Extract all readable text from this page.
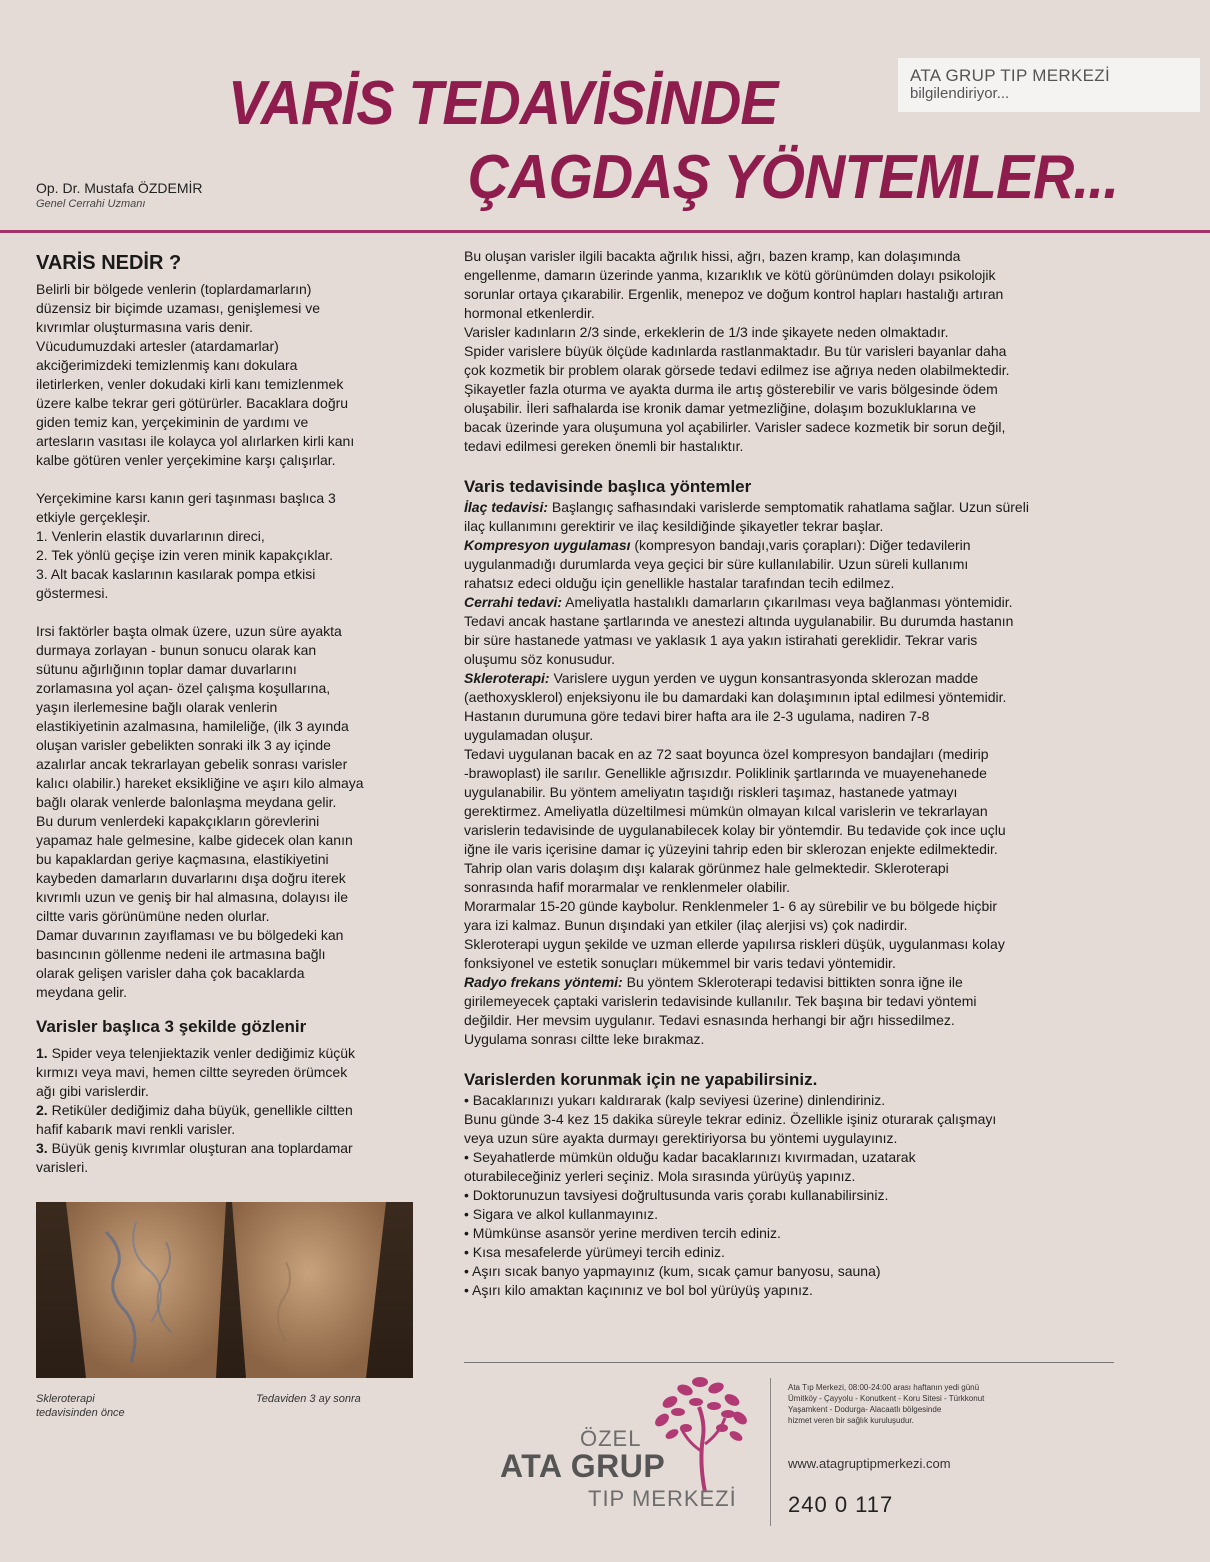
ATA GRUP TIP MERKEZİ
bilgilendiriyor...
VARİS TEDAVİSİNDE
ÇAGDAŞ YÖNTEMLER...
Op. Dr. Mustafa ÖZDEMİR
Genel Cerrahi Uzmanı
VARİS NEDİR ?
Belirli bir bölgede venlerin (toplardamarların)
düzensiz bir biçimde uzaması, genişlemesi ve
kıvrımlar oluşturmasına varis denir.
Vücudumuzdaki artesler (atardamarlar)
akciğerimizdeki temizlenmiş kanı dokulara
iletirlerken, venler dokudaki kirli kanı temizlenmek
üzere kalbe tekrar geri götürürler. Bacaklara doğru
giden temiz kan, yerçekiminin de yardımı ve
artesların vasıtası ile kolayca yol alırlarken kirli kanı
kalbe götüren venler yerçekimine karşı çalışırlar.
Yerçekimine karsı kanın geri taşınması başlıca 3
etkiyle gerçekleşir.
1. Venlerin elastik duvarlarının direci,
2. Tek yönlü geçişe izin veren minik kapakçıklar.
3. Alt bacak kaslarının kasılarak pompa etkisi
göstermesi.
Irsi faktörler başta olmak üzere, uzun süre ayakta
durmaya zorlayan - bunun sonucu olarak kan
sütunu ağırlığının toplar damar duvarlarını
zorlamasına yol açan- özel çalışma koşullarına,
yaşın ilerlemesine bağlı olarak venlerin
elastikiyetinin azalmasına, hamileliğe, (ilk 3 ayında
oluşan varisler gebelikten sonraki ilk 3 ay içinde
azalırlar ancak tekrarlayan gebelik sonrası varisler
kalıcı olabilir.) hareket eksikliğine ve aşırı kilo almaya
bağlı olarak venlerde balonlaşma meydana gelir.
Bu durum venlerdeki kapakçıkların görevlerini
yapamaz hale gelmesine, kalbe gidecek olan kanın
bu kapaklardan geriye kaçmasına, elastikiyetini
kaybeden damarların duvarlarını dışa doğru iterek
kıvrımlı uzun ve geniş bir hal almasına, dolayısı ile
ciltte varis görünümüne neden olurlar.
Damar duvarının zayıflaması ve bu bölgedeki kan
basıncının göllenme nedeni ile artmasına bağlı
olarak gelişen varisler daha çok bacaklarda
meydana gelir.
Varisler başlıca 3 şekilde gözlenir
1. Spider veya telenjiektazik venler dediğimiz küçük
kırmızı veya mavi, hemen ciltte seyreden örümcek
ağı gibi varislerdir.
2. Retiküler dediğimiz daha büyük, genellikle ciltten
hafif kabarık mavi renkli varisler.
3. Büyük geniş kıvrımlar oluşturan ana toplardamar
varisleri.
Skleroterapi
tedavisinden önce
Tedaviden 3 ay sonra
Bu oluşan varisler ilgili bacakta ağrılık hissi, ağrı, bazen kramp, kan dolaşımında
engellenme, damarın üzerinde yanma, kızarıklık ve kötü görünümden dolayı psikolojik
sorunlar ortaya çıkarabilir. Ergenlik, menepoz ve doğum kontrol hapları hastalığı artıran
hormonal etkenlerdir.
Varisler kadınların 2/3 sinde, erkeklerin de 1/3 inde şikayete neden olmaktadır.
Spider varislere büyük ölçüde kadınlarda rastlanmaktadır. Bu tür varisleri bayanlar daha
çok kozmetik bir problem olarak görsede tedavi edilmez ise ağrıya neden olabilmektedir.
Şikayetler fazla oturma ve ayakta durma ile artış gösterebilir ve varis bölgesinde ödem
oluşabilir. İleri safhalarda ise kronik damar yetmezliğine, dolaşım bozukluklarına ve
bacak üzerinde yara oluşumuna yol açabilirler. Varisler sadece kozmetik bir sorun değil,
tedavi edilmesi gereken önemli bir hastalıktır.
Varis tedavisinde başlıca yöntemler
İlaç tedavisi: Başlangıç safhasındaki varislerde semptomatik rahatlama sağlar. Uzun süreli
ilaç kullanımını gerektirir ve ilaç kesildiğinde şikayetler tekrar başlar.
Kompresyon uygulaması (kompresyon bandajı,varis çorapları): Diğer tedavilerin
uygulanmadığı durumlarda veya geçici bir süre kullanılabilir. Uzun süreli kullanımı
rahatsız edeci olduğu için genellikle hastalar tarafından tecih edilmez.
Cerrahi tedavi: Ameliyatla hastalıklı damarların çıkarılması veya bağlanması yöntemidir.
Tedavi ancak hastane şartlarında ve anestezi altında uygulanabilir. Bu durumda hastanın
bir süre hastanede yatması ve yaklasık 1 aya yakın istirahati gereklidir. Tekrar varis
oluşumu söz konusudur.
Skleroterapi: Varislere uygun yerden ve uygun konsantrasyonda sklerozan madde
(aethoxysklerol) enjeksiyonu ile bu damardaki kan dolaşımının iptal edilmesi yöntemidir.
Hastanın durumuna göre tedavi birer hafta ara ile 2-3 ugulama, nadiren 7-8
uygulamadan oluşur.
Tedavi uygulanan bacak en az 72 saat boyunca özel kompresyon bandajları (medirip
-brawoplast) ile sarılır. Genellikle ağrısızdır. Poliklinik şartlarında ve muayenehanede
uygulanabilir. Bu yöntem ameliyatın taşıdığı riskleri taşımaz, hastanede yatmayı
gerektirmez. Ameliyatla düzeltilmesi mümkün olmayan kılcal varislerin ve tekrarlayan
varislerin tedavisinde de uygulanabilecek kolay bir yöntemdir. Bu tedavide çok ince uçlu
iğne ile varis içerisine damar iç yüzeyini tahrip eden bir sklerozan enjekte edilmektedir.
Tahrip olan varis dolaşım dışı kalarak görünmez hale gelmektedir. Skleroterapi
sonrasında hafif morarmalar ve renklenmeler olabilir.
Morarmalar 15-20 günde kaybolur. Renklenmeler 1- 6 ay sürebilir ve bu bölgede hiçbir
yara izi kalmaz. Bunun dışındaki yan etkiler (ilaç alerjisi vs) çok nadirdir.
Skleroterapi uygun şekilde ve uzman ellerde yapılırsa riskleri düşük, uygulanması kolay
fonksiyonel ve estetik sonuçları mükemmel bir varis tedavi yöntemidir.
Radyo frekans yöntemi: Bu yöntem Skleroterapi tedavisi bittikten sonra iğne ile
girilemeyecek çaptaki varislerin tedavisinde kullanılır. Tek başına bir tedavi yöntemi
değildir. Her mevsim uygulanır. Tedavi esnasında herhangi bir ağrı hissedilmez.
Uygulama sonrası ciltte leke bırakmaz.
Varislerden korunmak için ne yapabilirsiniz.
• Bacaklarınızı yukarı kaldırarak (kalp seviyesi üzerine) dinlendiriniz.
Bunu günde 3-4 kez 15 dakika süreyle tekrar ediniz. Özellikle işiniz oturarak çalışmayı
veya uzun süre ayakta durmayı gerektiriyorsa bu yöntemi uygulayınız.
• Seyahatlerde mümkün olduğu kadar bacaklarınızı kıvırmadan, uzatarak
oturabileceğiniz yerleri seçiniz. Mola sırasında yürüyüş yapınız.
• Doktorunuzun tavsiyesi doğrultusunda varis çorabı kullanabilirsiniz.
• Sigara ve alkol kullanmayınız.
• Mümkünse asansör yerine merdiven tercih ediniz.
• Kısa mesafelerde yürümeyi tercih ediniz.
• Aşırı sıcak banyo yapmayınız (kum, sıcak çamur banyosu, sauna)
• Aşırı kilo amaktan kaçınınız ve bol bol yürüyüş yapınız.
ÖZEL
ATA GRUP
TIP MERKEZİ
Ata Tıp Merkezi, 08:00-24:00 arası haftanın yedi günü
Ümitköy - Çayyolu - Konutkent - Koru Sitesi - Türkkonut
Yaşamkent - Dodurga- Alacaatlı bölgesinde
hizmet veren bir sağlık kuruluşudur.
www.atagruptipmerkezi.com
240 0 117
